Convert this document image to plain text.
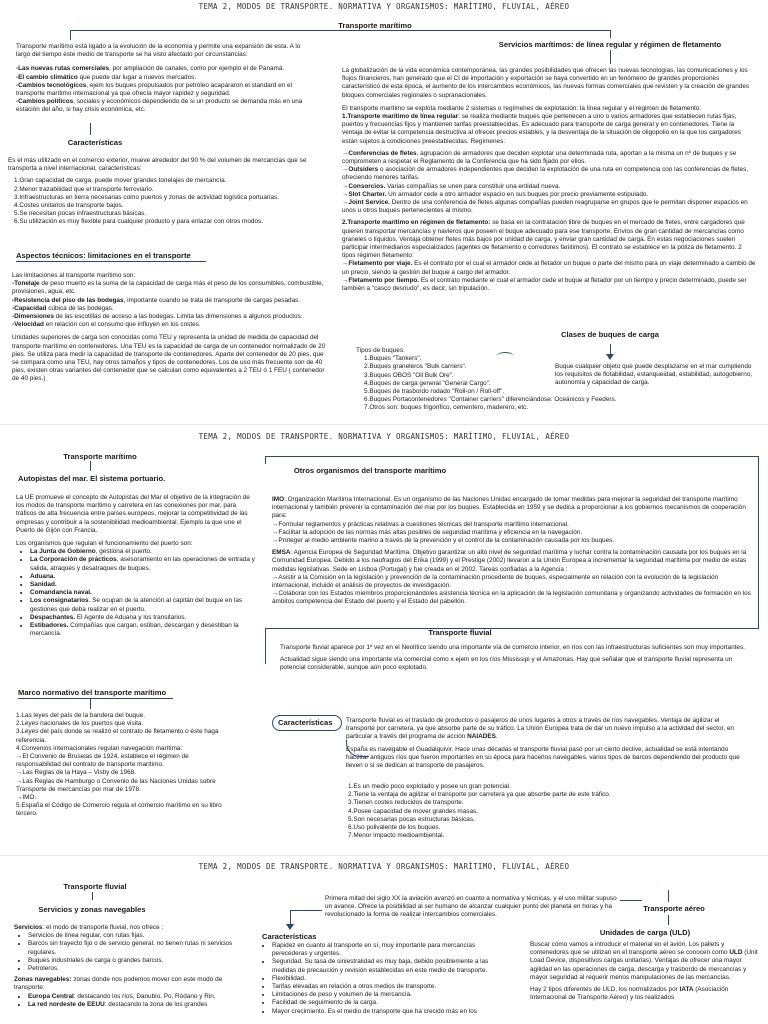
TEMA 2, MODOS DE TRANSPORTE. NORMATIVA Y ORGANISMOS: MARÍTIMO, FLUVIAL, AÉREO
Transporte marítimo

Transporte marítimo está ligado a la evolución de la economía y permite una expansión de esta. A lo largo del tiempo este medio de transporte se ha visto afectado por circunstancias:

-Las nuevas rutas comerciales, por ampliación de canales, como por ejemplo el de Panamá.

-El cambio climático que puede dar lugar a nuevos mercados.

-Cambios tecnológicos, ejem los buques propulsados por petróleo acapararon el standard en el transporte marítimo internacional ya que ofrecía mayor rapidez y seguridad.

-Cambios políticos, sociales y económicos dependiendo de si un producto se demanda más en una estación del año, si hay crisis económica, etc.

Características

Es el más utilizado en el comercio exterior, mueve alrededor del 90 % del volumen de mercancías que se transporta a nivel internacional, características:

1.Gran capacidad de carga, puede mover grandes tonelajes de mercancía.

2.Menor trazabilidad que el transporte ferroviario.

3.Infraestructuras en tierra necesarias como puertos y zonas de actividad logística portuarias.

4.Costes unitarios de transporte bajos.

5.Se necesitan pocas infraestructuras básicas.

6.Su utilización es muy flexible para cualquier producto y para enlazar con otros modos.

Aspectos técnicos: limitaciones en el transporte

Las limitaciones al transporte marítimo son:

-Tonelaje de peso muerto es la suma de la capacidad de carga más el peso de los consumibles, combustible, provisiones, agua, etc.

-Resistencia del piso de las bodegas, importante cuando se trata de transporte de cargas pesadas.

-Capacidad cúbica de las bodegas.

-Dimensiones de las escotillas de acceso a las bodegas. Limita las dimensiones a algunos productos.

-Velocidad en relación con el consumo que influyen en los costes.

Unidades superiores de carga son conocidas como TEU y representa la unidad de medida de capacidad del transporte marítimo en contenedores. Una TEU es la capacidad de carga de un contenedor normalizado de 20 pies. Se utiliza para medir la capacidad de transporte de contenedores. Aparte del contenedor de 20 pies, que se compara como una TEU, hay otros tamaños y tipos de contenedores. Los de uso más frecuente son de 40 pies, existen otras variantes del contenedor que se calculan como equivalentes a 2 TEU ó 1 FEU ( contenedor de 40 pies.)

Servicios marítimos: de línea regular y régimen de fletamento

La globalización de la vida económica contemporánea, las grandes posibilidades que ofrecen las nuevas tecnologías, las comunicaciones y los flujos financieros, han generado que el CI de importación y exportación se haya convertido en un fenómeno de grandes proporciones característico de esta época, el aumento de los intercambios económicos, las nuevas formas comerciales que revisten y la creación de grandes bloques comerciales regionales o supranacionales.

El transporte marítimo se explota mediante 2 sistemas o regímenes de explotación: la línea regular y el régimen de fletamento:

1.Transporte marítimo de línea regular: se realiza mediante buques que pertenecen a uno o varios armadores que establecen rutas fijas, puertos y frecuencias fijos y mantienen tarifas preestablecidas. Es adecuado para transporte de carga general y en contenedores. Tiene la ventaja de evitar la competencia destructiva al ofrecer precios estables, y la desventaja de la situación de oligopolio en la que los cargadores están sujetos a condiciones preestablecidas. Regímenes:

→Conferencias de fletes, agrupación de armadores que deciden explotar una determinada ruta, aportan a la misma un nº de buques y se comprometen a respetar el Reglamento de la Conferencia que ha sido fijado por ellos.

→Outsiders o asociación de armadores independientes que deciden la explotación de una ruta en competencia con las conferencias de fletes, ofreciendo menores tarifas.

→Consorcios. Varias compañías se unen para constituir una entidad nueva.

→Slot Charter. Un armador cede a otro armador espacio en sus buques por precio previamente estipulado.

→Joint Service. Dentro de una conferencia de fletes algunas compañías pueden reagruparse en grupos que le permitan disponer espacios en unos u otros buques pertenecientes al mismo.

2.Transporte marítimo en régimen de fletamento: se basa en la contratación libre de buques en el mercado de fletes, entre cargadores que quieren transportar mercancías y navieros que poseen el buque adecuado para ese transporte. Envíos de gran cantidad de mercancías como graneles o líquidos. Ventaja obtener fletes más bajos por unidad de carga, y enviar gran cantidad de carga. En estas negociaciones suelen participar intermediarios especializados (agentes de fletamento o corredores fariitimos). El contrato se establece en la póliza de fletamento. 2 tipos régimen fletamento:

→Fletamento por viaje. Es el contrato por el cual el armador cede al fletador un buque o parte del mismo para un viaje determinado a cambio de un precio, siendo la gestión del buque a cargo del armador.

→Fletamento por tiempo. Es el contrato mediante el cual el armador cede el buque al fletador por un tiempo y precio determinado, puede ser también a "casco desnudo", es decir, sin tripulación.

Clases de buques de carga

Tipos de buques:

1.Buques "Tankers".

2.Buques graneleros "Bulk carriers".

3.Buques OBOS "Oil Bulk Ore".

4.Buques de carga general "General Cargo".

5.Buques de trasbordo rodado "Roll-on / Roll-off".

6.Buques Portacontenedores "Container carriers" diferenciándose: Oceánicos y Feeders.

7.Otros son: buques frigorífico, cementero, maderero, etc.

Buque cualquier objeto que puede desplazarse en el mar cumpliendo los requisitos de flotabilidad, estanqueidad, estabilidad, autogobierno, autonomía y capacidad de carga.

TEMA 2, MODOS DE TRANSPORTE. NORMATIVA Y ORGANISMOS: MARÍTIMO, FLUVIAL, AÉREO
Transporte marítimo
Autopistas del mar. El sistema portuario.

La UE promueve el concepto de Autopistas del Mar el objetivo de la integración de los modos de transporte marítimo y carretera en las conexiones por mar, para tráficos de alta frecuencia entre países europeos, mejorar la competitividad de las empresas y contribuir a la sostenibilidad medioambiental. Ejemplo la que une el Puerto de Gijón con Francia.

Los organismos que regulan el funcionamiento del puerto son:

• La Junta de Gobierno, gestiona el puerto.
• La Corporación de prácticos, asesoramiento en las operaciones de entrada y salida, atraques y desatraques de buques.
• Aduana.
• Sanidad.
• Comandancia naval.
• Los consignatarios. Se ocupan de la atención al capitán del buque en las gestiones que deba realizar en el puerto.
• Despachantes. El Agente de Aduana y los transitarios.
• Estibadores. Compañías que cargan, estiban, descargan y desestiban la mercancía.
Marco normativo del transporte marítimo

1.Las leyes del país de la bandera del buque.

2.Leyes nacionales de los puertos que visita.

3.Leyes del país donde se realizó el contrato de fletamento o éste haga referencia.

4.Convenios internacionales regulan navegación marítima:

→El Convenio de Bruselas de 1924, establece el régimen de responsabilidad del contrato de transporte marítimo.

→Las Reglas de la Haya – Visby de 1968.

→Las Reglas de Hamburgo o Convenio de las Naciones Unidas sobre Transporte de mercancías por mar de 1978.

→IMO.

5.España el Código de Comercio regula el comercio marítimo en su libro tercero.

Otros organismos del transporte marítimo

IMO: Organización Marítima Internacional. Es un organismo de las Naciones Unidas encargado de tomar medidas para mejorar la seguridad del transporte marítimo internacional y también prevenir la contaminación del mar por los buques. Establecida en 1959 y se dedica a proporcionar a los gobiernos mecanismos de cooperación para:

→Formular reglamentos y prácticas relativas a cuestiones técnicas del transporte marítimo internacional.

→Facilitar la adopción de las normas más altas posibles de seguridad marítima y eficiencia en la navegación.

→Proteger al medio ambiente marino a través de la prevención y el control de la contaminación causada por los buques.

EMSA: Agencia Europea de Seguridad Marítima. Objetivo garantizar un alto nivel de seguridad marítima y luchar contra la contaminación causada por los buques en la Comunidad Europea. Debido a los naufragios del Erika (1999) y el Prestige (2002) llevaron a la Unión Europea a incrementar la seguridad marítima por medio de estas medidas legislativas. Sede en Lisboa (Portugal) y fue creada en el 2002. Tareas confiadas a la Agencia :

→Asistir a la Comisión en la legislación y prevención de la contaminación procedente de buques, especialmente en relación con la evolución de la legislación internacional, incluido el análisis de proyectos de investigación.

→Colaborar con los Estados miembros proporcionándoles asistencia técnica en la aplicación de la legislación comunitaria y organizando actividades de formación en los ámbitos competencia del Estado del puerto y el Estado del pabellón.

Transporte fluvial

Transporte fluvial aparece por 1º vez en el Neolítico siendo una importante vía de comercio interior, en ríos con las infraestructuras suficientes son muy importantes.

Actualidad sigue siendo una importante vía comercial como x ejem en los ríos Mississipi y el Amazonas. Hay que señalar que el transporte fluvial representa un potencial considerable, aunque aún poco explotado.

Características Transporte fluvial es el traslado de productos o pasajeros de unos lugares a otros a través de ríos navegables. Ventaja de agilizar el transporte por carretera, ya que absorbe parte de su tráfico. La Unión Europea trata de dar un nuevo impulso a la actividad del sector, en particular a través del programa de acción NAIADES.

España es navegable el Guadalquivir. Hace unas décadas el transporte fluvial pasó por un cierto declive, actualidad se está intentando habilitar antiguos ríos que fueron importantes en su época para hacerlos navegables. varios tipos de barcos dependiendo del producto que lleven o si se dedican al transporte de pasajeros.

1.Es un medio poco explotado y posee un gran potencial.

2.Tiene la ventaja de agilizar el transporte por carretera ya que absorbe parte de este tráfico.

3.Tienen costes reducidos de transporte.

4.Posee capacidad de mover grandes masas.

5.Son necesarias pocas estructuras básicas.

6.Uso polivalente de los buques.

7.Menor impacto medioambiental.

TEMA 2, MODOS DE TRANSPORTE. NORMATIVA Y ORGANISMOS: MARÍTIMO, FLUVIAL, AÉREO
Transporte fluvial
Servicios y zonas navegables

Servicios: el modo de transporte fluvial, nos ofrece :

• Servicios de línea regular, con rutas fijas.
• Barcos sin trayecto fijo o de servicio general, no tienen rutas ni servicios regulares.
• Buques industriales de carga o grandes barcos.
• Petroleros.

Zonas navegables: zonas donde nos podemos mover con este modo de transporte:

• Europa Central: destacando los ríos, Danubio, Po, Ródano y Rin.
• La red nordeste de EEUU: destacando la zona de los grandes

Primera mitad del siglo XX la aviación avanzó en cuanto a normativa y técnicas, y el uso militar supuso un avance. Ofrece la posibilidad al ser humano de alcanzar cualquier punto del planeta en horas y ha revolucionado la forma de realizar intercambios comerciales.

Transporte aéreo
Características
• Rapidez en cuanto al transporte en sí, muy importante para mercancías perecederas y urgentes.
• Seguridad. Su tasa de siniestralidad es muy baja, debido posiblemente a las medidas de precaución y revisión establecidas en este medio de transporte.
• Flexibilidad.
• Tarifas elevadas en relación a otros medios de transporte.
• Limitaciones de peso y volumen de la mercancía.
• Facilidad de seguimiento de la carga.
• Mayor crecimiento. Es el medio de transporte que ha crecido más en los
Unidades de carga (ULD)

Buscar cómo vamos a introducir el material en el avión. Los pallets y contenedores que se utilizan en el transporte aéreo se conocen como ULD (Unit Load Device, dispositivos cargas unitarias). Ventajas de ofrecer una mayor agilidad en las operaciones de carga, descarga y trasbordo de mercancías y mayor seguridad al requerir menos manipulaciones de las mercancías.

Hay 2 tipos diferentes de ULD, los normalizados por IATA (Asociación Internacional de Transporte Aéreo) y los realizados
